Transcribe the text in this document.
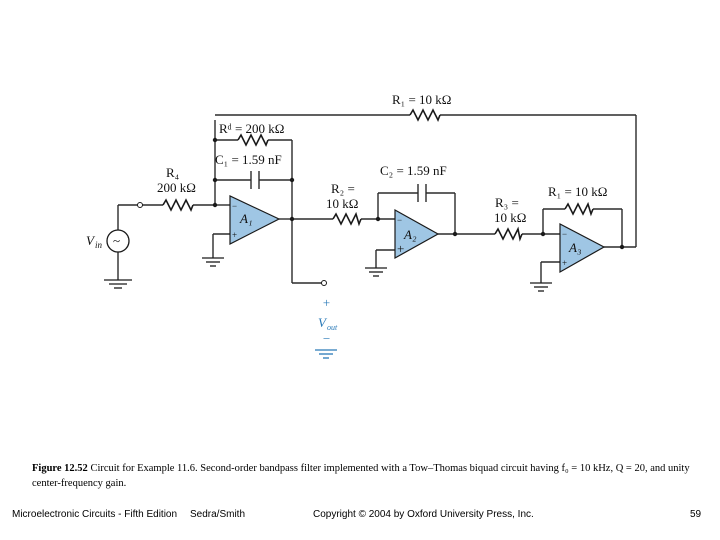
R₁ = 10 kΩ
Rᵈ = 200 kΩ
C₁ = 1.59 nF
R₄
200 kΩ
C₂ = 1.59 nF
R₂ =
10 kΩ	R₃ =
10 kΩ
R₁ = 10 kΩ
A₁
A₂
A₃
−
+
−
+
−
+
~
V in
+
V out
−
Figure 12.52 Circuit for Example 11.6. Second-order bandpass filter implemented with a Tow–Thomas biquad circuit having f₀ = 10 kHz, Q = 20, and unity center-frequency gain.
Microelectronic Circuits - Fifth Edition Sedra/Smith	Copyright © 2004 by Oxford University Press, Inc.	59
